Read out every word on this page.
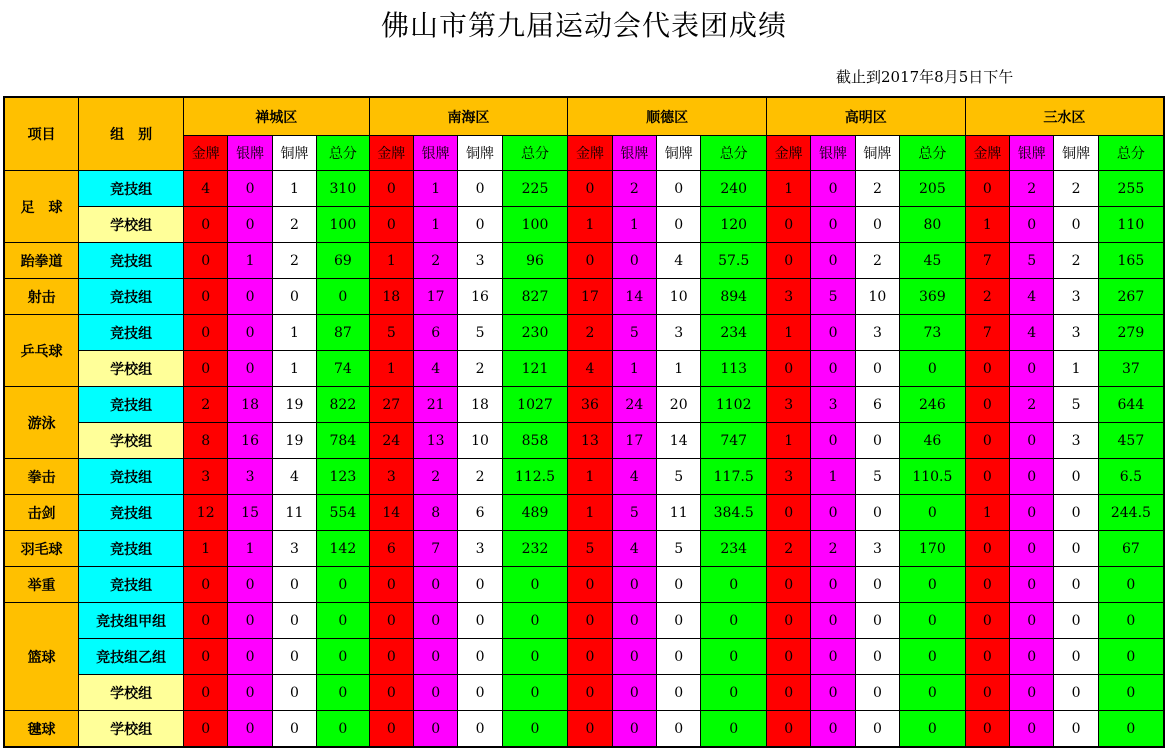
佛山市第九届运动会代表团成绩
截止到2017年8月5日下午
项目	组　别	禅城区				南海区				顺德区				高明区				三水区			
		金牌	银牌	铜牌	总分	金牌	银牌	铜牌	总分	金牌	银牌	铜牌	总分	金牌	银牌	铜牌	总分	金牌	银牌	铜牌	总分
足　球	竞技组	4	0	1	310	0	1	0	225	0	2	0	240	1	0	2	205	0	2	2	255
	学校组	0	0	2	100	0	1	0	100	1	1	0	120	0	0	0	80	1	0	0	110
跆拳道	竞技组	0	1	2	69	1	2	3	96	0	0	4	57.5	0	0	2	45	7	5	2	165
射击	竞技组	0	0	0	0	18	17	16	827	17	14	10	894	3	5	10	369	2	4	3	267
乒乓球	竞技组	0	0	1	87	5	6	5	230	2	5	3	234	1	0	3	73	7	4	3	279
	学校组	0	0	1	74	1	4	2	121	4	1	1	113	0	0	0	0	0	0	1	37
游泳	竞技组	2	18	19	822	27	21	18	1027	36	24	20	1102	3	3	6	246	0	2	5	644
	学校组	8	16	19	784	24	13	10	858	13	17	14	747	1	0	0	46	0	0	3	457
拳击	竞技组	3	3	4	123	3	2	2	112.5	1	4	5	117.5	3	1	5	110.5	0	0	0	6.5
击剑	竞技组	12	15	11	554	14	8	6	489	1	5	11	384.5	0	0	0	0	1	0	0	244.5
羽毛球	竞技组	1	1	3	142	6	7	3	232	5	4	5	234	2	2	3	170	0	0	0	67
举重	竞技组	0	0	0	0	0	0	0	0	0	0	0	0	0	0	0	0	0	0	0	0
篮球	竞技组甲组	0	0	0	0	0	0	0	0	0	0	0	0	0	0	0	0	0	0	0	0
	竞技组乙组	0	0	0	0	0	0	0	0	0	0	0	0	0	0	0	0	0	0	0	0
	学校组	0	0	0	0	0	0	0	0	0	0	0	0	0	0	0	0	0	0	0	0
毽球	学校组	0	0	0	0	0	0	0	0	0	0	0	0	0	0	0	0	0	0	0	0
